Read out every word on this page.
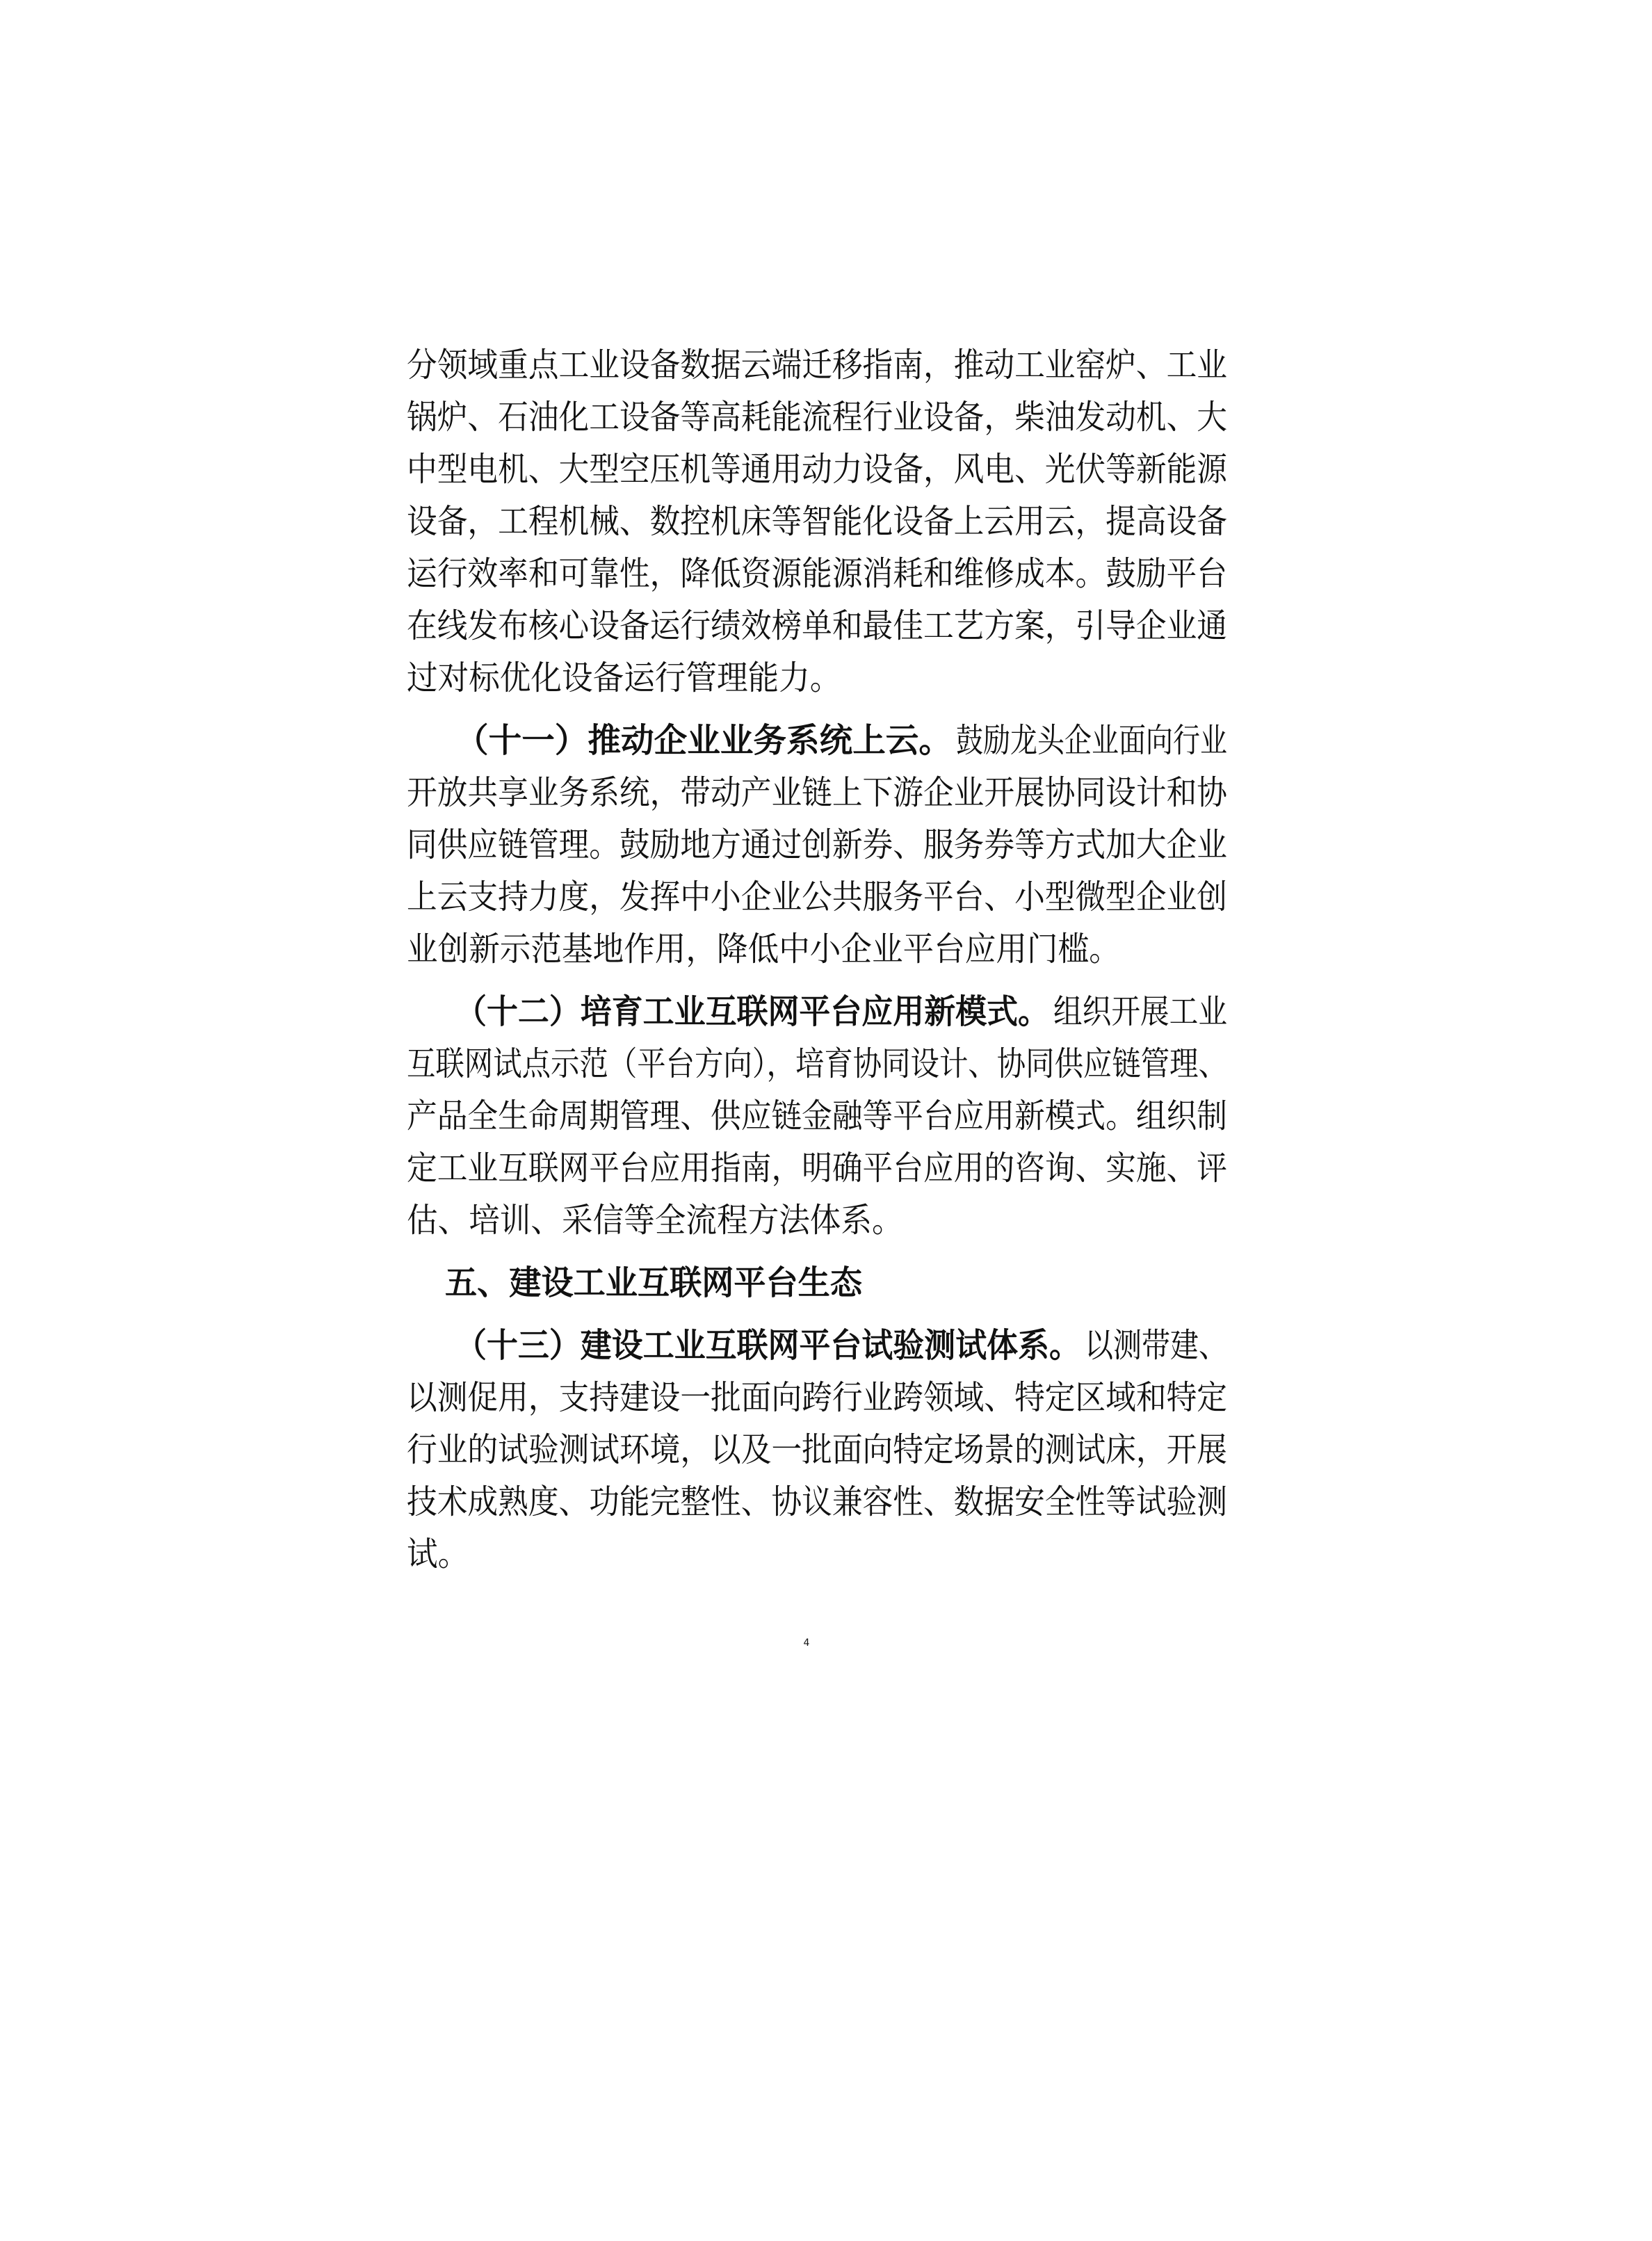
分领域重点工业设备数据云端迁移指南，推动工业窑炉、工业
锅炉、石油化工设备等高耗能流程行业设备，柴油发动机、大
中型电机、大型空压机等通用动力设备，风电、光伏等新能源
设备，工程机械、数控机床等智能化设备上云用云，提高设备
运行效率和可靠性，降低资源能源消耗和维修成本。鼓励平台
在线发布核心设备运行绩效榜单和最佳工艺方案，引导企业通
过对标优化设备运行管理能力。
（十一）推动企业业务系统上云。 鼓励龙头企业面向行业
开放共享业务系统，带动产业链上下游企业开展协同设计和协
同供应链管理。鼓励地方通过创新券、服务券等方式加大企业
上云支持力度，发挥中小企业公共服务平台、小型微型企业创
业创新示范基地作用，降低中小企业平台应用门槛。
（十二）培育工业互联网平台应用新模式。 组织开展工业
互联网试点示范（平台方向），培育协同设计、协同供应链管理、
产品全生命周期管理、供应链金融等平台应用新模式。组织制
定工业互联网平台应用指南，明确平台应用的咨询、实施、评
估、培训、采信等全流程方法体系。
五、建设工业互联网平台生态
（十三）建设工业互联网平台试验测试体系。 以测带建、
以测促用，支持建设一批面向跨行业跨领域、特定区域和特定
行业的试验测试环境，以及一批面向特定场景的测试床，开展
技术成熟度、功能完整性、协议兼容性、数据安全性等试验测
试。
4
